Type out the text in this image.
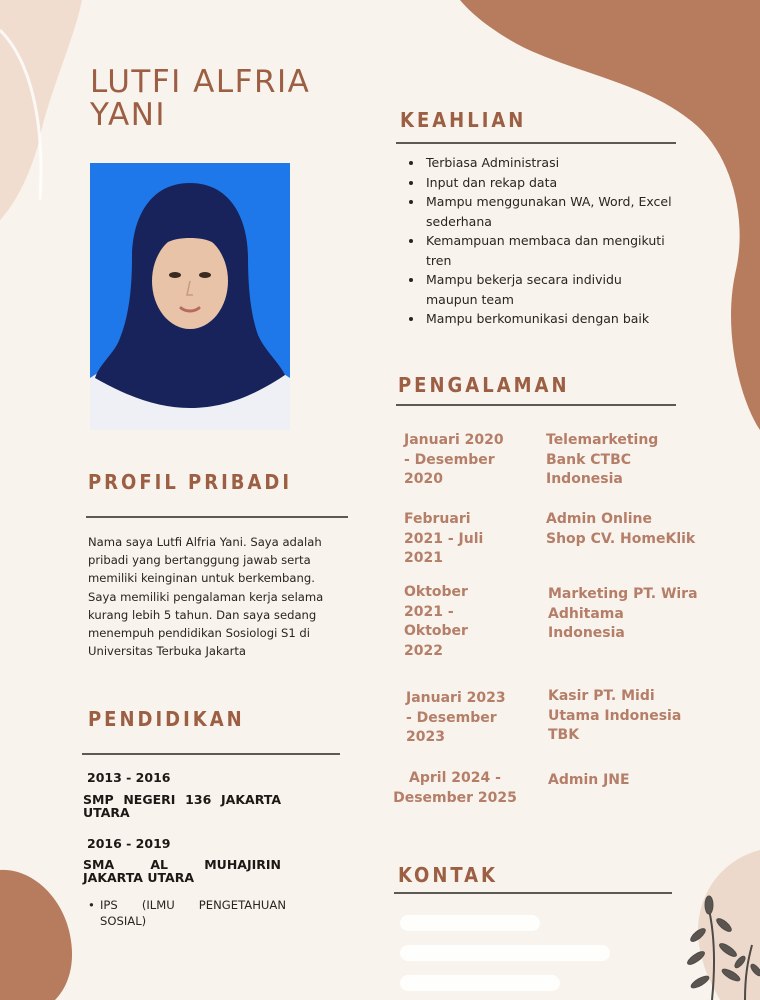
LUTFI ALFRIA YANI
PROFIL PRIBADI

Nama saya Lutfi Alfria Yani. Saya adalah pribadi yang bertanggung jawab serta memiliki keinginan untuk berkembang. Saya memiliki pengalaman kerja selama kurang lebih 5 tahun. Dan saya sedang menempuh pendidikan Sosiologi S1 di Universitas Terbuka Jakarta

PENDIDIKAN
2013 - 2016
SMP NEGERI 136 JAKARTA
UTARA
2016 - 2019
SMA AL MUHAJIRIN
JAKARTA UTARA
• IPS (ILMU PENGETAHUAN
SOSIAL)
KEAHLIAN
• Terbiasa Administrasi
• Input dan rekap data
• Mampu menggunakan WA, Word, Excel sederhana
• Kemampuan membaca dan mengikuti tren
• Mampu bekerja secara individu maupun team
• Mampu berkomunikasi dengan baik
PENGALAMAN
Januari 2020
- Desember
2020
Telemarketing
Bank CTBC
Indonesia
Februari
2021 - Juli
2021
Admin Online
Shop CV. HomeKlik
Oktober
2021 -
Oktober
2022
Marketing PT. Wira
Adhitama
Indonesia
Januari 2023
- Desember
2023
Kasir PT. Midi
Utama Indonesia
TBK
April 2024 -
Desember 2025
Admin JNE
KONTAK
